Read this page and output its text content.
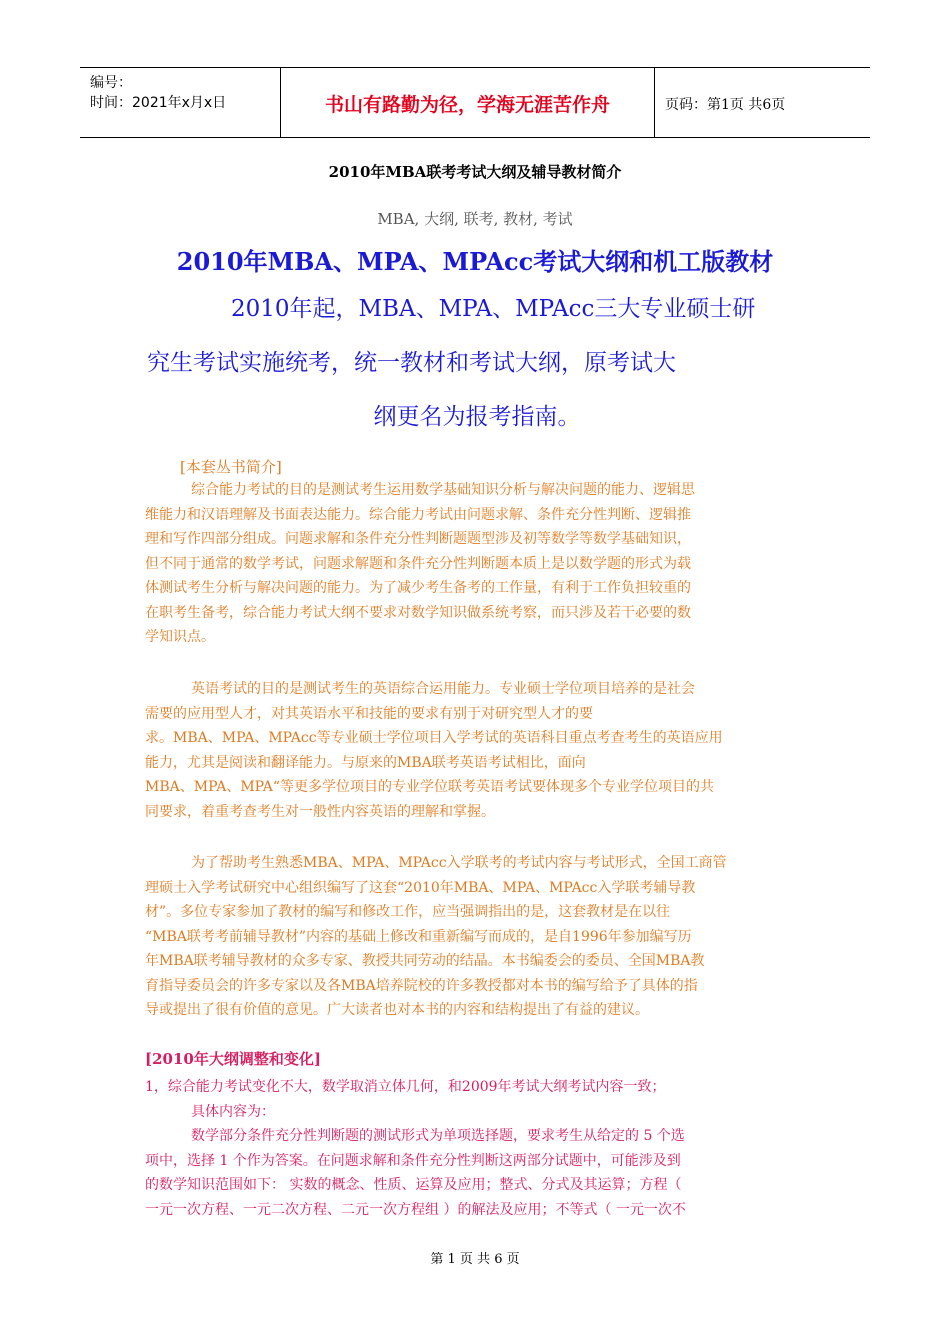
编号：
时间：2021年x月x日	书山有路勤为径，学海无涯苦作舟	页码：第1页 共6页
2010年MBA联考考试大纲及辅导教材简介
MBA, 大纲, 联考, 教材, 考试
2010年MBA、MPA、MPAcc考试大纲和机工版教材
2010年起，MBA、MPA、MPAcc三大专业硕士研
究生考试实施统考，统一教材和考试大纲，原考试大
纲更名为报考指南。
[本套丛书简介]
综合能力考试的目的是测试考生运用数学基础知识分析与解决问题的能力、逻辑思
维能力和汉语理解及书面表达能力。综合能力考试由问题求解、条件充分性判断、逻辑推
理和写作四部分组成。问题求解和条件充分性判断题题型涉及初等数学等数学基础知识，
但不同于通常的数学考试，问题求解题和条件充分性判断题本质上是以数学题的形式为载
体测试考生分析与解决问题的能力。为了减少考生备考的工作量，有利于工作负担较重的
在职考生备考，综合能力考试大纲不要求对数学知识做系统考察，而只涉及若干必要的数
学知识点。
英语考试的目的是测试考生的英语综合运用能力。专业硕士学位项目培养的是社会
需要的应用型人才，对其英语水平和技能的要求有别于对研究型人才的要
求。MBA、MPA、MPAcc等专业硕士学位项目入学考试的英语科目重点考查考生的英语应用
能力，尤其是阅读和翻译能力。与原来的MBA联考英语考试相比，面向
MBA、MPA、MPA“等更多学位项目的专业学位联考英语考试要体现多个专业学位项目的共
同要求，着重考查考生对一般性内容英语的理解和掌握。
为了帮助考生熟悉MBA、MPA、MPAcc入学联考的考试内容与考试形式，全国工商管
理硕士入学考试研究中心组织编写了这套“2010年MBA、MPA、MPAcc入学联考辅导教
材”。多位专家参加了教材的编写和修改工作，应当强调指出的是，这套教材是在以往
“MBA联考考前辅导教材”内容的基础上修改和重新编写而成的，是自1996年参加编写历
年MBA联考辅导教材的众多专家、教授共同劳动的结晶。本书编委会的委员、全国MBA教
育指导委员会的许多专家以及各MBA培养院校的许多教授都对本书的编写给予了具体的指
导或提出了很有价值的意见。广大读者也对本书的内容和结构提出了有益的建议。
[2010年大纲调整和变化]
1，综合能力考试变化不大，数学取消立体几何，和2009年考试大纲考试内容一致；
具体内容为：
数学部分条件充分性判断题的测试形式为单项选择题，要求考生从给定的 5 个选
项中，选择 1 个作为答案。在问题求解和条件充分性判断这两部分试题中，可能涉及到
的数学知识范围如下： 实数的概念、性质、运算及应用；整式、分式及其运算；方程（
一元一次方程、一元二次方程、二元一次方程组 ）的解法及应用；不等式（ 一元一次不
第 1 页 共 6 页
